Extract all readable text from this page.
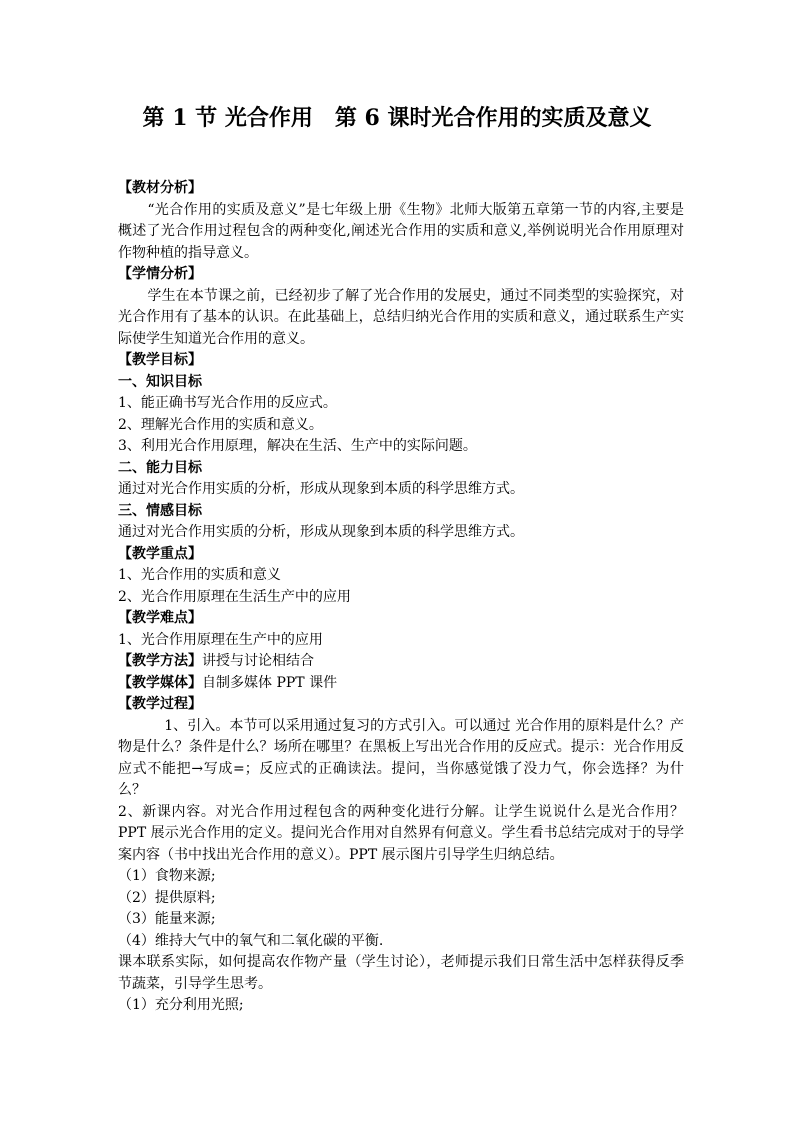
第 1 节 光合作用 第 6 课时光合作用的实质及意义

【教材分析】

“光合作用的实质及意义”是七年级上册《生物》北师大版第五章第一节的内容,主要是概述了光合作用过程包含的两种变化,阐述光合作用的实质和意义,举例说明光合作用原理对作物种植的指导意义。

【学情分析】

学生在本节课之前，已经初步了解了光合作用的发展史，通过不同类型的实验探究，对光合作用有了基本的认识。在此基础上，总结归纳光合作用的实质和意义，通过联系生产实际使学生知道光合作用的意义。

【教学目标】

一、知识目标

1、能正确书写光合作用的反应式。

2、理解光合作用的实质和意义。

3、利用光合作用原理，解决在生活、生产中的实际问题。

二、能力目标

通过对光合作用实质的分析，形成从现象到本质的科学思维方式。

三、情感目标

通过对光合作用实质的分析，形成从现象到本质的科学思维方式。

【教学重点】

1、光合作用的实质和意义

2、光合作用原理在生活生产中的应用

【教学难点】

1、光合作用原理在生产中的应用

【教学方法】讲授与讨论相结合

【教学媒体】自制多媒体 PPT 课件

【教学过程】

1、引入。本节可以采用通过复习的方式引入。可以通过 光合作用的原料是什么？产物是什么？条件是什么？场所在哪里？在黑板上写出光合作用的反应式。提示：光合作用反应式不能把→写成=；反应式的正确读法。提问，当你感觉饿了没力气，你会选择？为什么？

2、新课内容。对光合作用过程包含的两种变化进行分解。让学生说说什么是光合作用？PPT 展示光合作用的定义。提问光合作用对自然界有何意义。学生看书总结完成对于的导学案内容（书中找出光合作用的意义）。PPT 展示图片引导学生归纳总结。

（1）食物来源;

（2）提供原料;

（3）能量来源;

（4）维持大气中的氧气和二氧化碳的平衡.

课本联系实际，如何提高农作物产量（学生讨论），老师提示我们日常生活中怎样获得反季节蔬菜，引导学生思考。

（1）充分利用光照;
